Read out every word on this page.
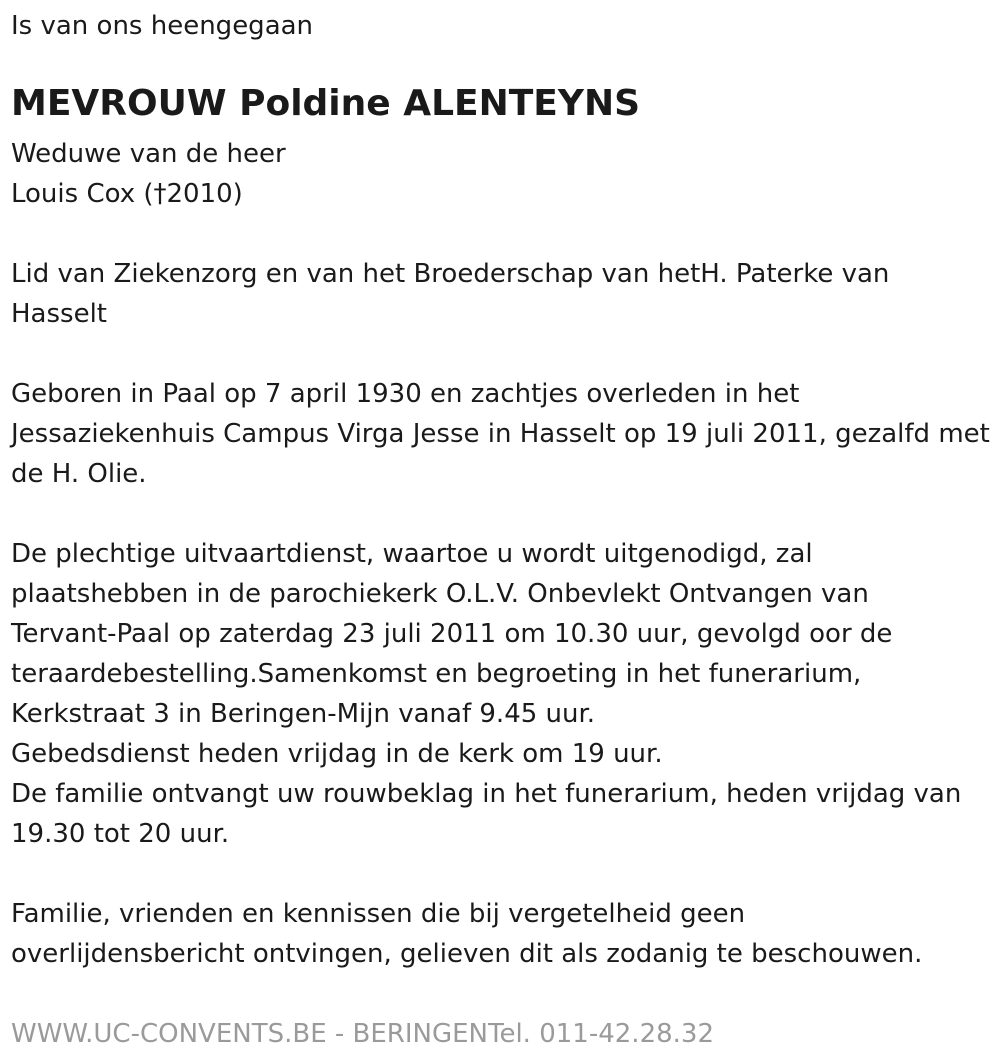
Is van ons heengegaan
MEVROUW Poldine ALENTEYNS
Weduwe van de heer
Louis Cox (†2010)
Lid van Ziekenzorg en van het Broederschap van hetH. Paterke van
Hasselt
Geboren in Paal op 7 april 1930 en zachtjes overleden in het
Jessaziekenhuis Campus Virga Jesse in Hasselt op 19 juli 2011, gezalfd met
de H. Olie.
De plechtige uitvaartdienst, waartoe u wordt uitgenodigd, zal
plaatshebben in de parochiekerk O.L.V. Onbevlekt Ontvangen van
Tervant-Paal op zaterdag 23 juli 2011 om 10.30 uur, gevolgd oor de
teraardebestelling.Samenkomst en begroeting in het funerarium,
Kerkstraat 3 in Beringen-Mijn vanaf 9.45 uur.
Gebedsdienst heden vrijdag in de kerk om 19 uur.
De familie ontvangt uw rouwbeklag in het funerarium, heden vrijdag van
19.30 tot 20 uur.
Familie, vrienden en kennissen die bij vergetelheid geen
overlijdensbericht ontvingen, gelieven dit als zodanig te beschouwen.
WWW.UC-CONVENTS.BE - BERINGENTel. 011-42.28.32
